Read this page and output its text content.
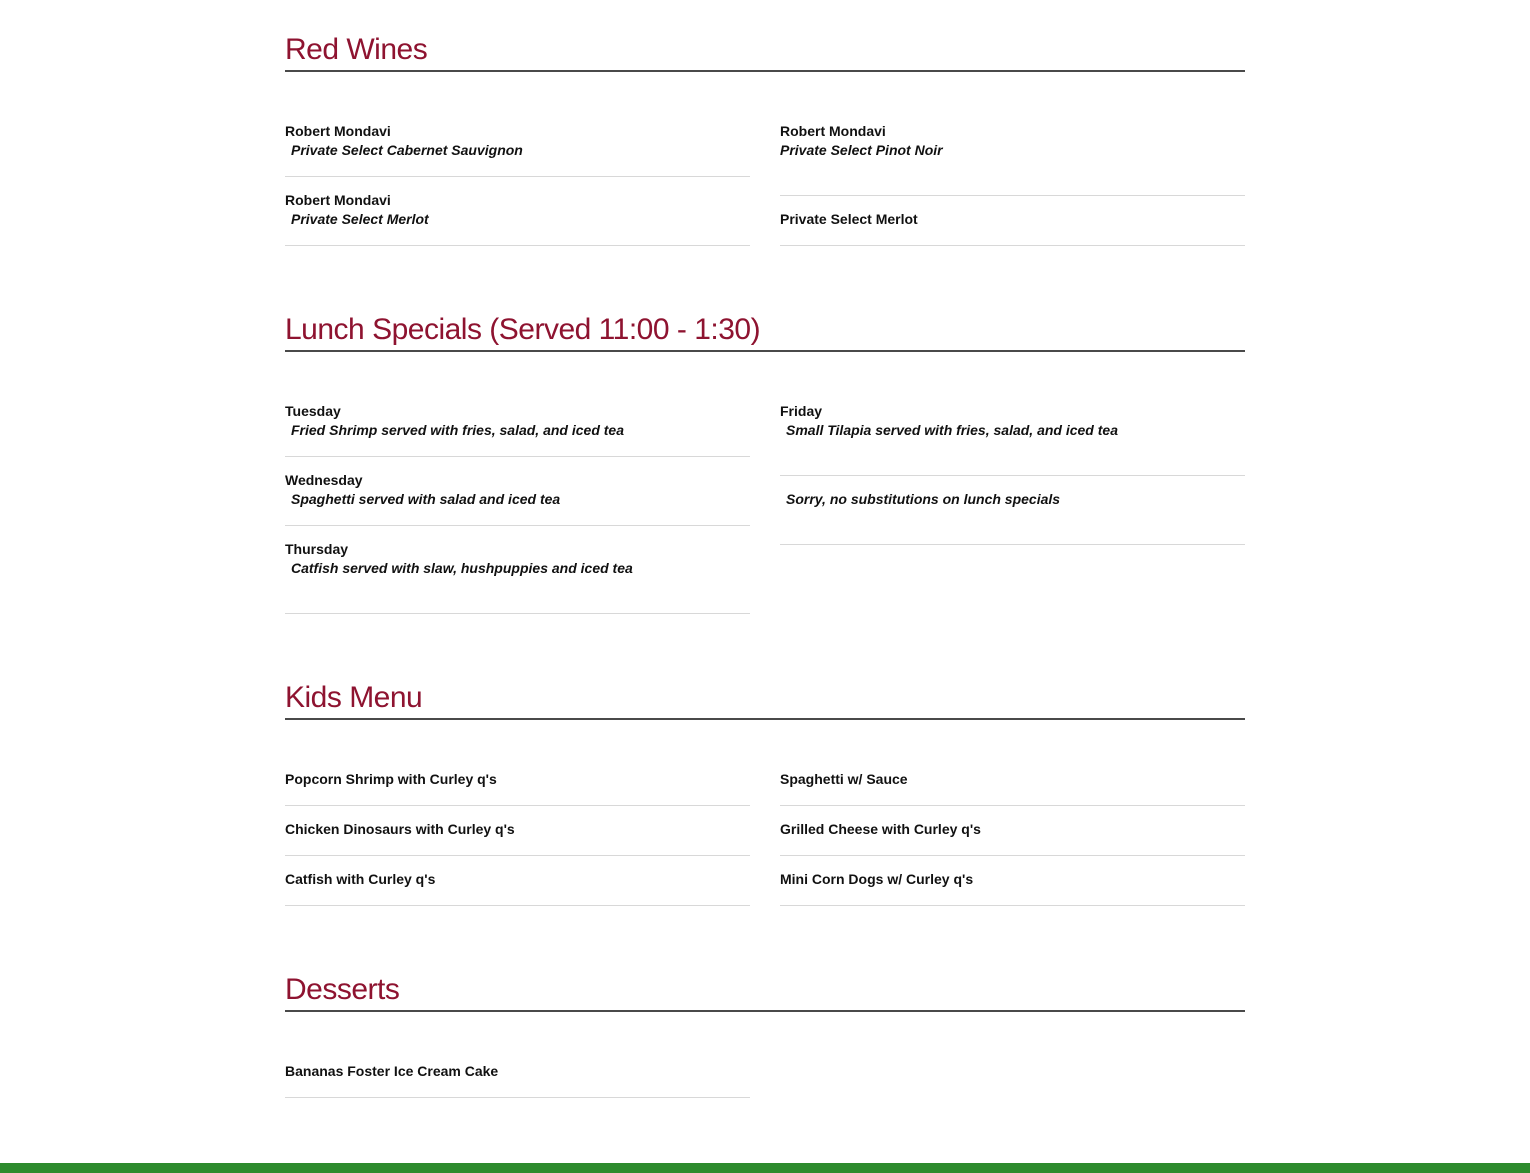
Red Wines
Robert Mondavi
Private Select Cabernet Sauvignon
Robert Mondavi
Private Select Merlot
Robert Mondavi
Private Select Pinot Noir
Private Select Merlot
Lunch Specials (Served 11:00 - 1:30)
Tuesday
Fried Shrimp served with fries, salad, and iced tea
Wednesday
Spaghetti served with salad and iced tea
Thursday
Catfish served with slaw, hushpuppies and iced tea
Friday
Small Tilapia served with fries, salad, and iced tea
Sorry, no substitutions on lunch specials
Kids Menu
Popcorn Shrimp with Curley q's
Chicken Dinosaurs with Curley q's
Catfish with Curley q's
Spaghetti w/ Sauce
Grilled Cheese with Curley q's
Mini Corn Dogs w/ Curley q's
Desserts
Bananas Foster Ice Cream Cake
